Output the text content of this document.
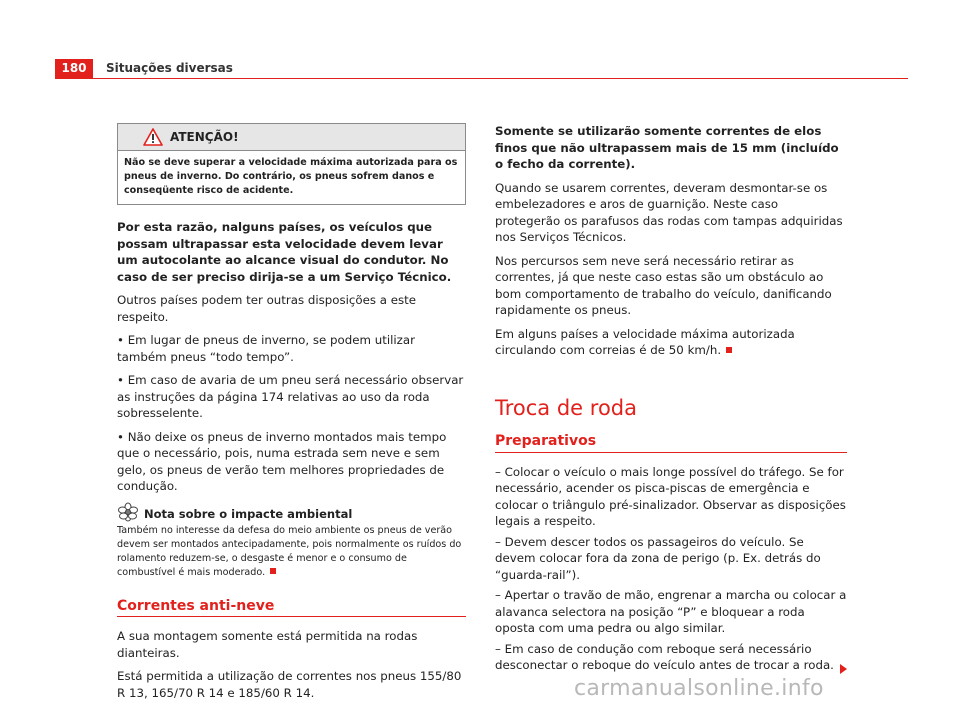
180	Situações diversas
ATENÇÃO!
Não se deve superar a velocidade máxima autorizada para os pneus de inverno. Do contrário, os pneus sofrem danos e conseqüente risco de acidente.

Por esta razão, nalguns países, os veículos que possam ultrapassar esta velocidade devem levar um autocolante ao alcance visual do condutor. No caso de ser preciso dirija-se a um Serviço Técnico.

Outros países podem ter outras disposições a este respeito.

• Em lugar de pneus de inverno, se podem utilizar também pneus “todo tempo”.

• Em caso de avaria de um pneu será necessário observar as instruções da página 174 relativas ao uso da roda sobresselente.

• Não deixe os pneus de inverno montados mais tempo que o necessário, pois, numa estrada sem neve e sem gelo, os pneus de verão tem melhores propriedades de condução.

Nota sobre o impacte ambiental

Também no interesse da defesa do meio ambiente os pneus de verão devem ser montados antecipadamente, pois normalmente os ruídos do rolamento reduzem-se, o desgaste é menor e o consumo de combustível é mais moderado.

Correntes anti-neve

A sua montagem somente está permitida na rodas dianteiras.

Está permitida a utilização de correntes nos pneus 155/80 R 13, 165/70 R 14 e 185/60 R 14.

Somente se utilizarão somente correntes de elos finos que não ultrapassem mais de 15 mm (incluído o fecho da corrente).

Quando se usarem correntes, deveram desmontar-se os embelezadores e aros de guarnição. Neste caso protegerão os parafusos das rodas com tampas adquiridas nos Serviços Técnicos.

Nos percursos sem neve será necessário retirar as correntes, já que neste caso estas são um obstáculo ao bom comportamento de trabalho do veículo, danificando rapidamente os pneus.

Em alguns países a velocidade máxima autorizada circulando com correias é de 50 km/h.

Troca de roda
Preparativos

– Colocar o veículo o mais longe possível do tráfego. Se for necessário, acender os pisca-piscas de emergência e colocar o triângulo pré-sinalizador. Observar as disposições legais a respeito.

– Devem descer todos os passageiros do veículo. Se devem colocar fora da zona de perigo (p. Ex. detrás do “guarda-rail”).

– Apertar o travão de mão, engrenar a marcha ou colocar a alavanca selectora na posição “P” e bloquear a roda oposta com uma pedra ou algo similar.

– Em caso de condução com reboque será necessário desconectar o reboque do veículo antes de trocar a roda.

carmanualsonline.info
